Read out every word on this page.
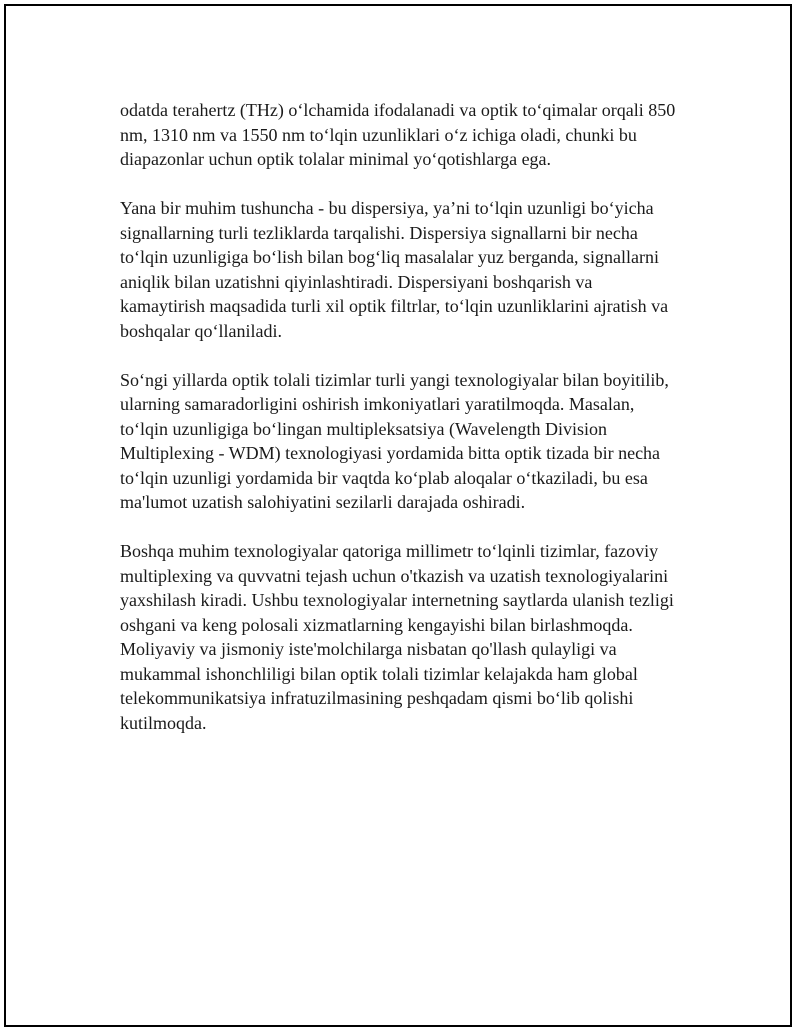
odatda terahertz (THz) o‘lchamida ifodalanadi va optik to‘qimalar orqali 850
nm, 1310 nm va 1550 nm to‘lqin uzunliklari o‘z ichiga oladi, chunki bu
diapazonlar uchun optik tolalar minimal yo‘qotishlarga ega.

Yana bir muhim tushuncha - bu dispersiya, ya’ni to‘lqin uzunligi bo‘yicha
signallarning turli tezliklarda tarqalishi. Dispersiya signallarni bir necha
to‘lqin uzunligiga bo‘lish bilan bog‘liq masalalar yuz berganda, signallarni
aniqlik bilan uzatishni qiyinlashtiradi. Dispersiyani boshqarish va
kamaytirish maqsadida turli xil optik filtrlar, to‘lqin uzunliklarini ajratish va
boshqalar qo‘llaniladi.

So‘ngi yillarda optik tolali tizimlar turli yangi texnologiyalar bilan boyitilib,
ularning samaradorligini oshirish imkoniyatlari yaratilmoqda. Masalan,
to‘lqin uzunligiga bo‘lingan multipleksatsiya (Wavelength Division
Multiplexing - WDM) texnologiyasi yordamida bitta optik tizada bir necha
to‘lqin uzunligi yordamida bir vaqtda ko‘plab aloqalar o‘tkaziladi, bu esa
ma'lumot uzatish salohiyatini sezilarli darajada oshiradi.

Boshqa muhim texnologiyalar qatoriga millimetr to‘lqinli tizimlar, fazoviy
multiplexing va quvvatni tejash uchun o'tkazish va uzatish texnologiyalarini
yaxshilash kiradi. Ushbu texnologiyalar internetning saytlarda ulanish tezligi
oshgani va keng polosali xizmatlarning kengayishi bilan birlashmoqda.
Moliyaviy va jismoniy iste'molchilarga nisbatan qo'llash qulayligi va
mukammal ishonchliligi bilan optik tolali tizimlar kelajakda ham global
telekommunikatsiya infratuzilmasining peshqadam qismi bo‘lib qolishi
kutilmoqda.
